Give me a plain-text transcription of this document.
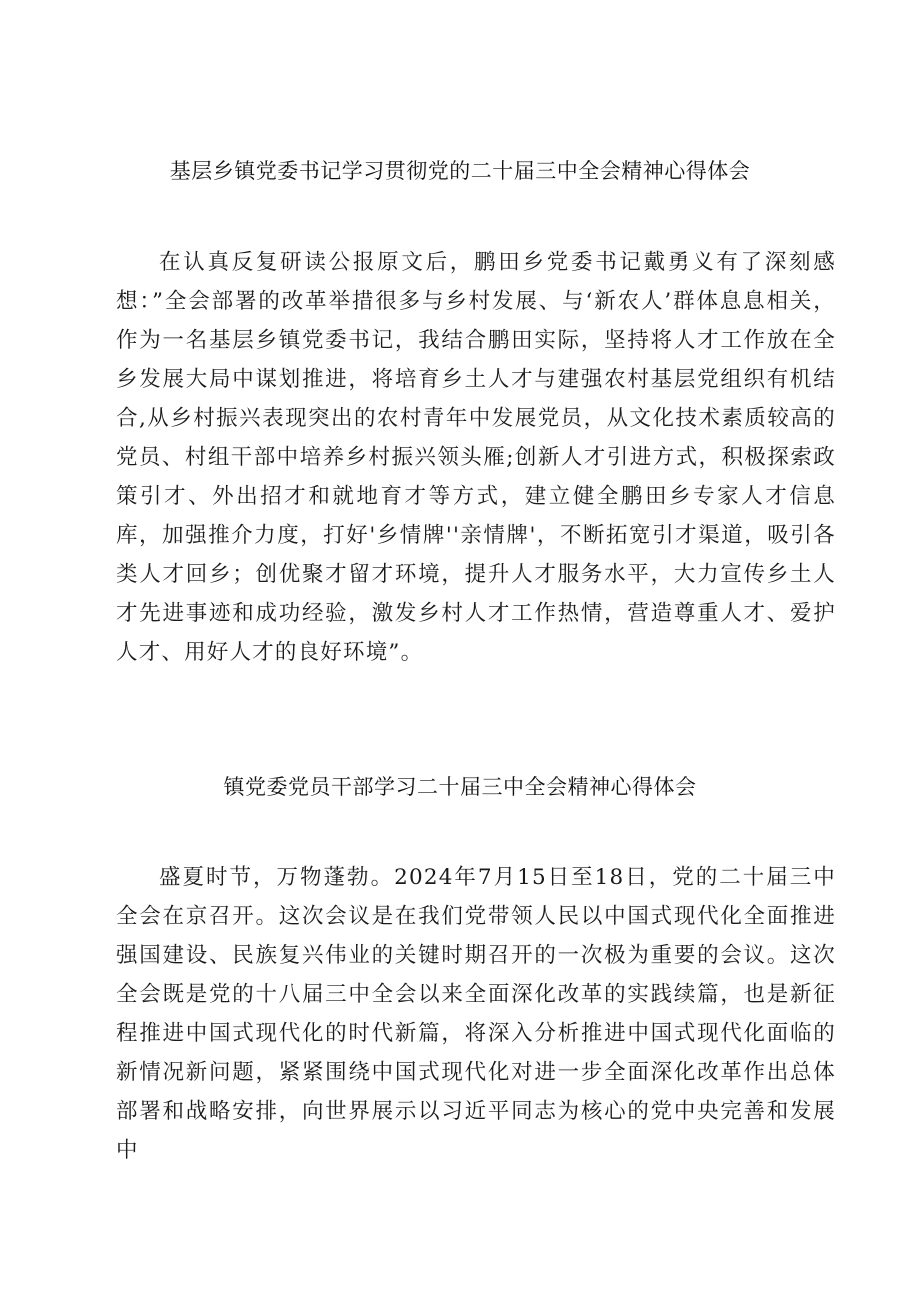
基层乡镇党委书记学习贯彻党的二十届三中全会精神心得体会

在认真反复研读公报原文后，鹏田乡党委书记戴勇义有了深刻感想：”全会部署的改革举措很多与乡村发展、与‘新农人’群体息息相关，作为一名基层乡镇党委书记，我结合鹏田实际，坚持将人才工作放在全乡发展大局中谋划推进，将培育乡土人才与建强农村基层党组织有机结合,从乡村振兴表现突出的农村青年中发展党员，从文化技术素质较高的党员、村组干部中培养乡村振兴领头雁;创新人才引进方式，积极探索政策引才、外出招才和就地育才等方式，建立健全鹏田乡专家人才信息库，加强推介力度，打好'乡情牌''亲情牌'，不断拓宽引才渠道，吸引各类人才回乡；创优聚才留才环境，提升人才服务水平，大力宣传乡土人才先进事迹和成功经验，激发乡村人才工作热情，营造尊重人才、爱护人才、用好人才的良好环境”。

镇党委党员干部学习二十届三中全会精神心得体会

盛夏时节，万物蓬勃。2024年7月15日至18日，党的二十届三中全会在京召开。这次会议是在我们党带领人民以中国式现代化全面推进强国建设、民族复兴伟业的关键时期召开的一次极为重要的会议。这次全会既是党的十八届三中全会以来全面深化改革的实践续篇，也是新征程推进中国式现代化的时代新篇，将深入分析推进中国式现代化面临的新情况新问题，紧紧围绕中国式现代化对进一步全面深化改革作出总体部署和战略安排，向世界展示以习近平同志为核心的党中央完善和发展中
